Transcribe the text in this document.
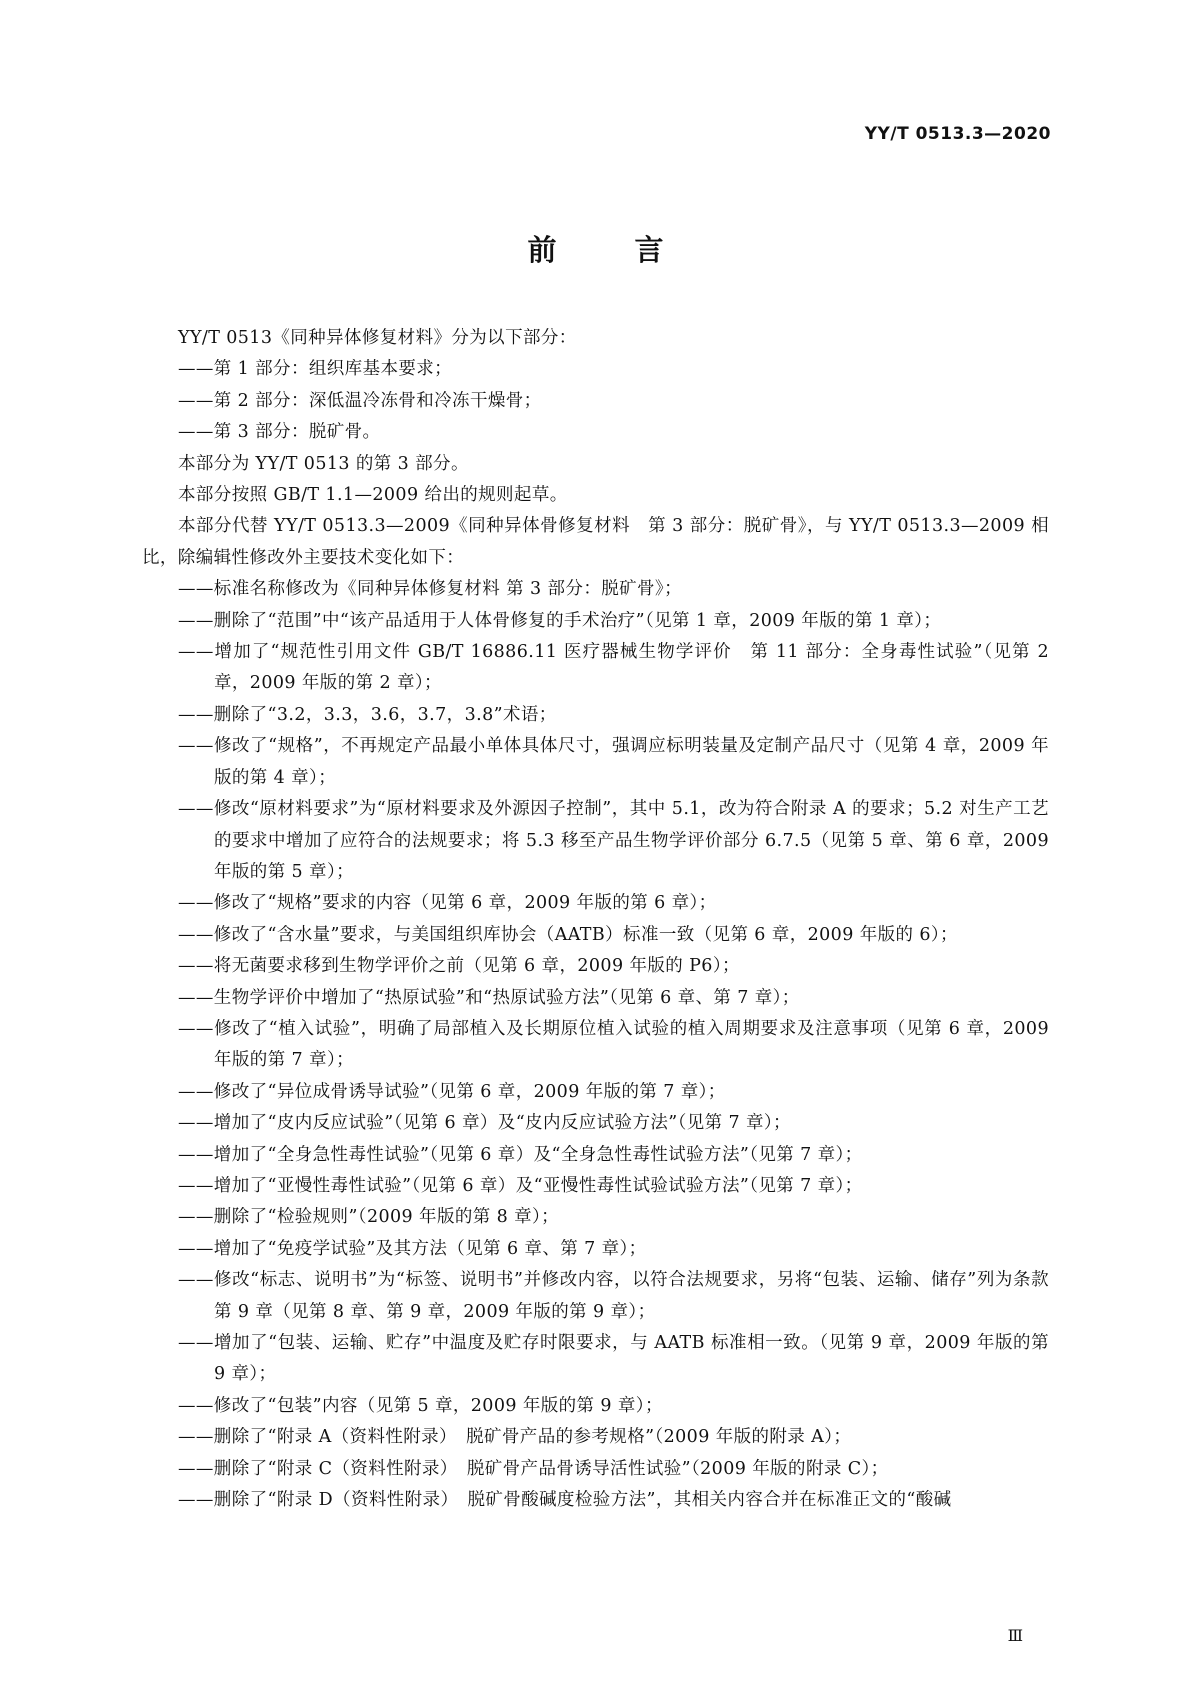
YY/T 0513.3—2020
前 言

YY/T 0513《同种异体修复材料》分为以下部分：

——第 1 部分：组织库基本要求；

——第 2 部分：深低温冷冻骨和冷冻干燥骨；

——第 3 部分：脱矿骨。

本部分为 YY/T 0513 的第 3 部分。

本部分按照 GB/T 1.1—2009 给出的规则起草。

本部分代替 YY/T 0513.3—2009《同种异体骨修复材料　第 3 部分：脱矿骨》，与 YY/T 0513.3—2009 相比，除编辑性修改外主要技术变化如下：

——标准名称修改为《同种异体修复材料 第 3 部分：脱矿骨》；

——删除了“范围”中“该产品适用于人体骨修复的手术治疗”（见第 1 章，2009 年版的第 1 章）；

——增加了“规范性引用文件 GB/T 16886.11 医疗器械生物学评价　第 11 部分：全身毒性试验”（见第 2 章，2009 年版的第 2 章）；

——删除了“3.2，3.3，3.6，3.7，3.8”术语；

——修改了“规格”，不再规定产品最小单体具体尺寸，强调应标明装量及定制产品尺寸（见第 4 章，2009 年版的第 4 章）；

——修改“原材料要求”为“原材料要求及外源因子控制”，其中 5.1，改为符合附录 A 的要求；5.2 对生产工艺的要求中增加了应符合的法规要求；将 5.3 移至产品生物学评价部分 6.7.5（见第 5 章、第 6 章，2009 年版的第 5 章）；

——修改了“规格”要求的内容（见第 6 章，2009 年版的第 6 章）；

——修改了“含水量”要求，与美国组织库协会（AATB）标准一致（见第 6 章，2009 年版的 6）；

——将无菌要求移到生物学评价之前（见第 6 章，2009 年版的 P6）；

——生物学评价中增加了“热原试验”和“热原试验方法”（见第 6 章、第 7 章）；

——修改了“植入试验”，明确了局部植入及长期原位植入试验的植入周期要求及注意事项（见第 6 章，2009 年版的第 7 章）；

——修改了“异位成骨诱导试验”（见第 6 章，2009 年版的第 7 章）；

——增加了“皮内反应试验”（见第 6 章）及“皮内反应试验方法”（见第 7 章）；

——增加了“全身急性毒性试验”（见第 6 章）及“全身急性毒性试验方法”（见第 7 章）；

——增加了“亚慢性毒性试验”（见第 6 章）及“亚慢性毒性试验试验方法”（见第 7 章）；

——删除了“检验规则”（2009 年版的第 8 章）；

——增加了“免疫学试验”及其方法（见第 6 章、第 7 章）；

——修改“标志、说明书”为“标签、说明书”并修改内容，以符合法规要求，另将“包装、运输、储存”列为条款第 9 章（见第 8 章、第 9 章，2009 年版的第 9 章）；

——增加了“包装、运输、贮存”中温度及贮存时限要求，与 AATB 标准相一致。（见第 9 章，2009 年版的第9 章）；

——修改了“包装”内容（见第 5 章，2009 年版的第 9 章）；

——删除了“附录 A（资料性附录）　脱矿骨产品的参考规格”（2009 年版的附录 A）；

——删除了“附录 C（资料性附录）　脱矿骨产品骨诱导活性试验”（2009 年版的附录 C）；

——删除了“附录 D（资料性附录）　脱矿骨酸碱度检验方法”，其相关内容合并在标准正文的“酸碱

Ⅲ
